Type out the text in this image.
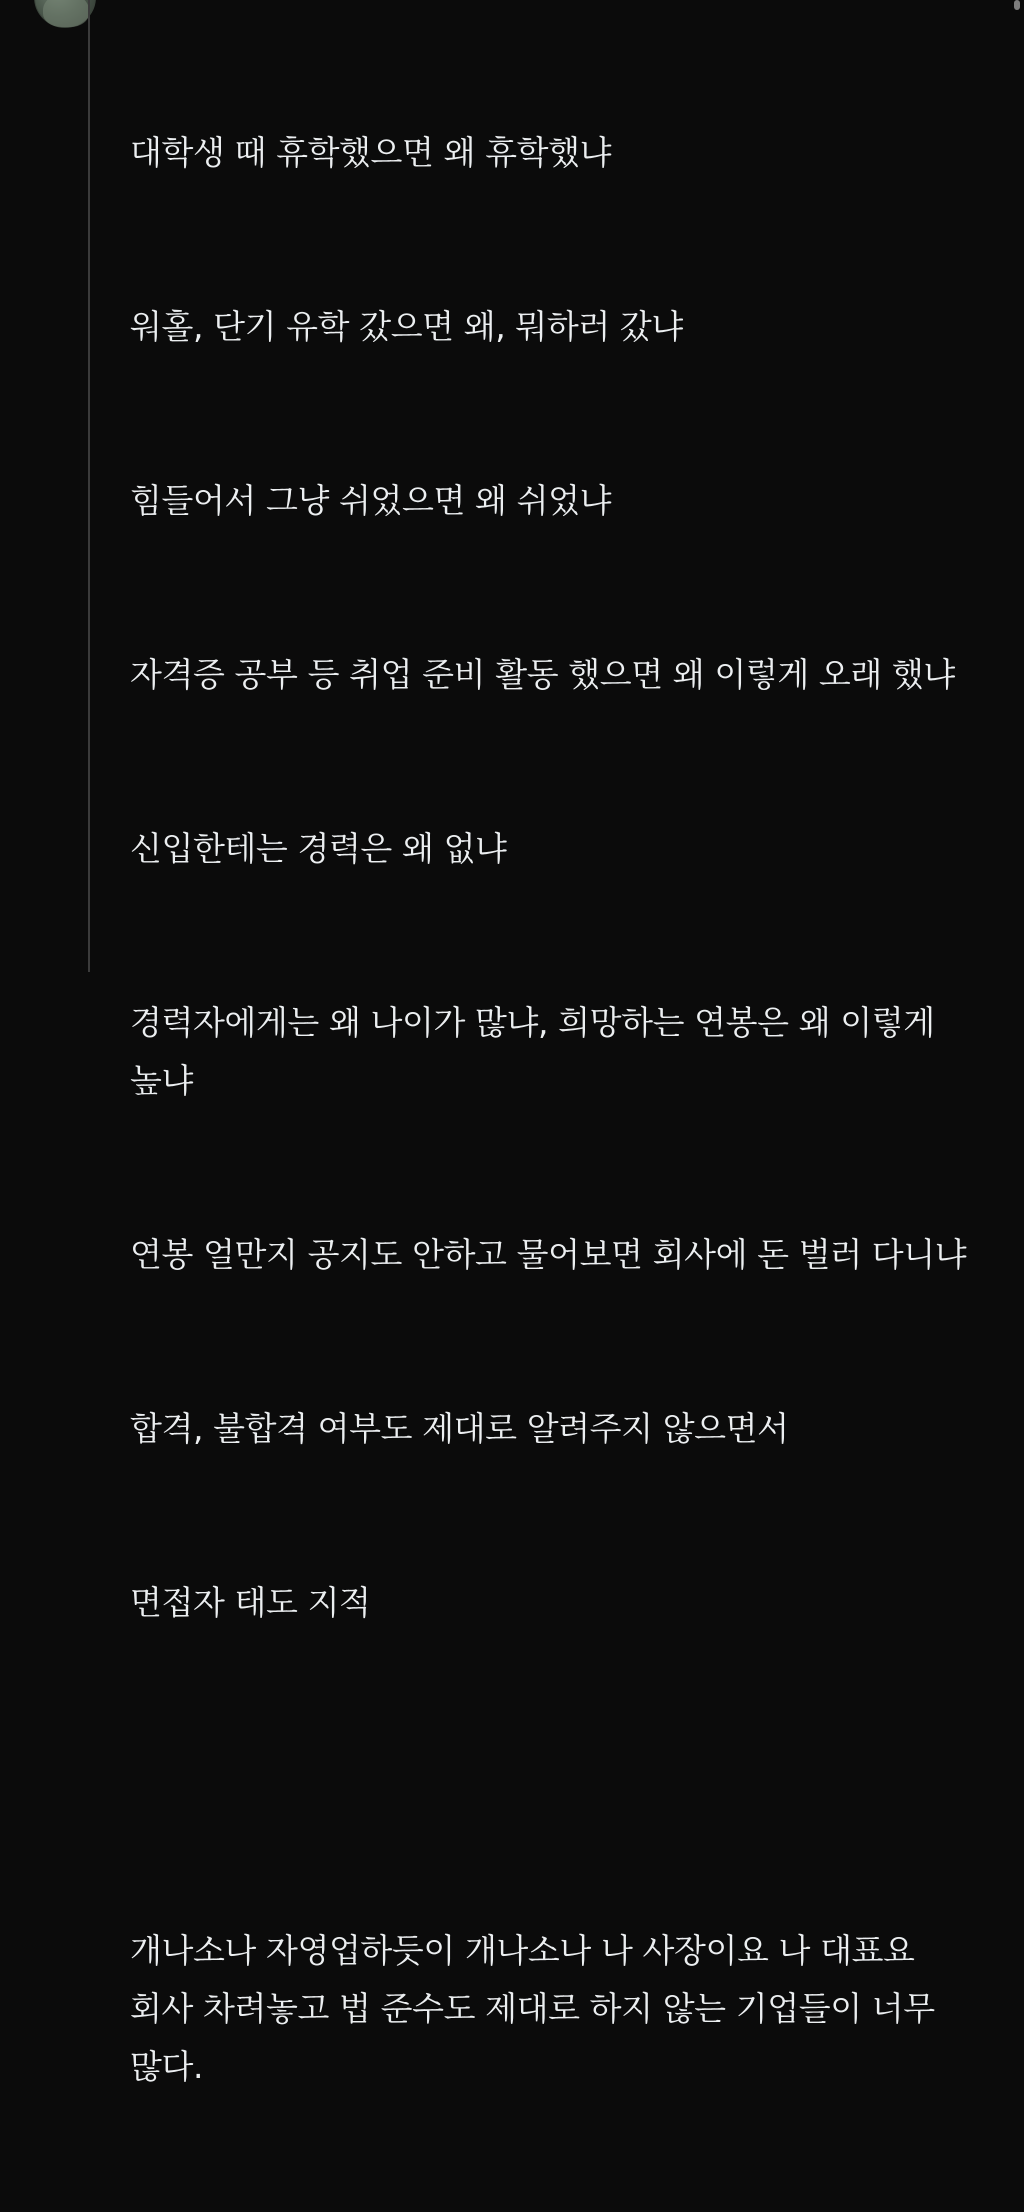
대학생 때 휴학했으면 왜 휴학했냐

워홀, 단기 유학 갔으면 왜, 뭐하러 갔냐

힘들어서 그냥 쉬었으면 왜 쉬었냐

자격증 공부 등 취업 준비 활동 했으면 왜 이렇게 오래 했냐

신입한테는 경력은 왜 없냐

경력자에게는 왜 나이가 많냐, 희망하는 연봉은 왜 이렇게 높냐

연봉 얼만지 공지도 안하고 물어보면 회사에 돈 벌러 다니냐

합격, 불합격 여부도 제대로 알려주지 않으면서

면접자 태도 지적

개나소나 자영업하듯이 개나소나 나 사장이요 나 대표요 회사 차려놓고 법 준수도 제대로 하지 않는 기업들이 너무 많다.
